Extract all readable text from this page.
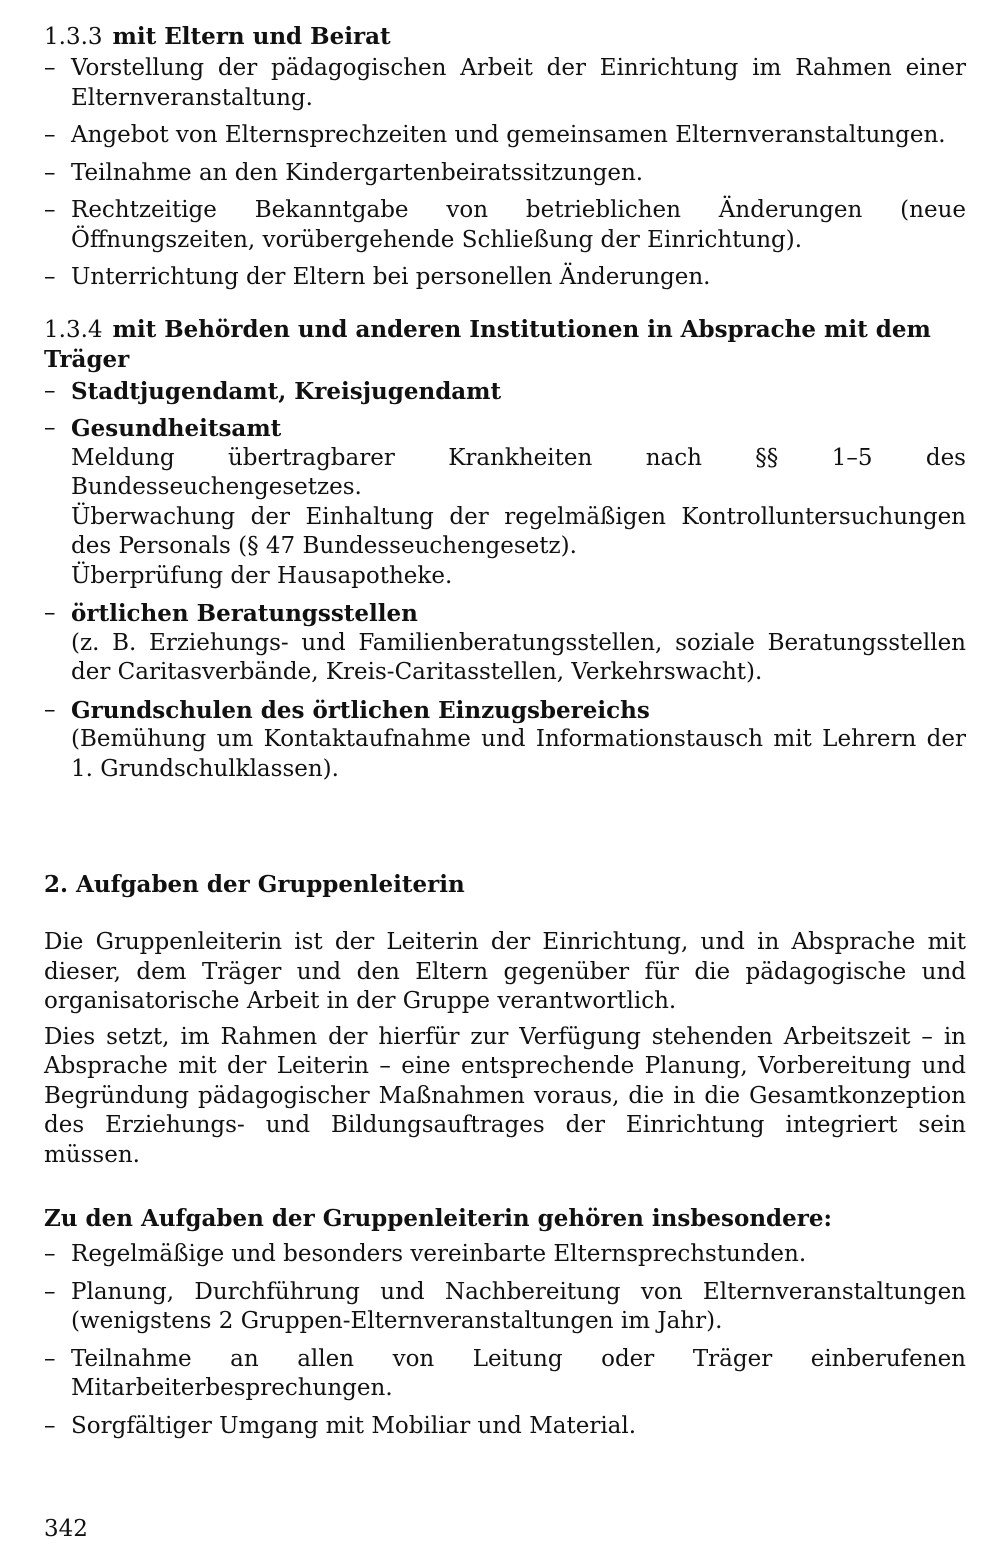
1.3.3 mit Eltern und Beirat
– Vorstellung der pädagogischen Arbeit der Einrichtung im Rahmen einer Elternveranstaltung.
– Angebot von Elternsprechzeiten und gemeinsamen Elternveranstaltungen.
– Teilnahme an den Kindergartenbeiratssitzungen.
– Rechtzeitige Bekanntgabe von betrieblichen Änderungen (neue Öffnungszeiten, vorübergehende Schließung der Einrichtung).
– Unterrichtung der Eltern bei personellen Änderungen.
1.3.4 mit Behörden und anderen Institutionen in Absprache mit dem Träger
– Stadtjugendamt, Kreisjugendamt
– Gesundheitsamt
Meldung übertragbarer Krankheiten nach §§ 1–5 des Bundesseuchengesetzes.
Überwachung der Einhaltung der regelmäßigen Kontrolluntersuchungen des Personals (§ 47 Bundesseuchengesetz).
Überprüfung der Hausapotheke.
– örtlichen Beratungsstellen
(z. B. Erziehungs- und Familienberatungsstellen, soziale Beratungsstellen der Caritasverbände, Kreis-Caritasstellen, Verkehrswacht).
– Grundschulen des örtlichen Einzugsbereichs
(Bemühung um Kontaktaufnahme und Informationstausch mit Lehrern der 1. Grundschulklassen).
2. Aufgaben der Gruppenleiterin

Die Gruppenleiterin ist der Leiterin der Einrichtung, und in Absprache mit dieser, dem Träger und den Eltern gegenüber für die pädagogische und organisatorische Arbeit in der Gruppe verantwortlich.

Dies setzt, im Rahmen der hierfür zur Verfügung stehenden Arbeitszeit – in Absprache mit der Leiterin – eine entsprechende Planung, Vorbereitung und Begründung pädagogischer Maßnahmen voraus, die in die Gesamtkonzeption des Erziehungs- und Bildungsauftrages der Einrichtung integriert sein müssen.

Zu den Aufgaben der Gruppenleiterin gehören insbesondere:
– Regelmäßige und besonders vereinbarte Elternsprechstunden.
– Planung, Durchführung und Nachbereitung von Elternveranstaltungen (wenigstens 2 Gruppen-Elternveranstaltungen im Jahr).
– Teilnahme an allen von Leitung oder Träger einberufenen Mitarbeiterbesprechungen.
– Sorgfältiger Umgang mit Mobiliar und Material.
342
